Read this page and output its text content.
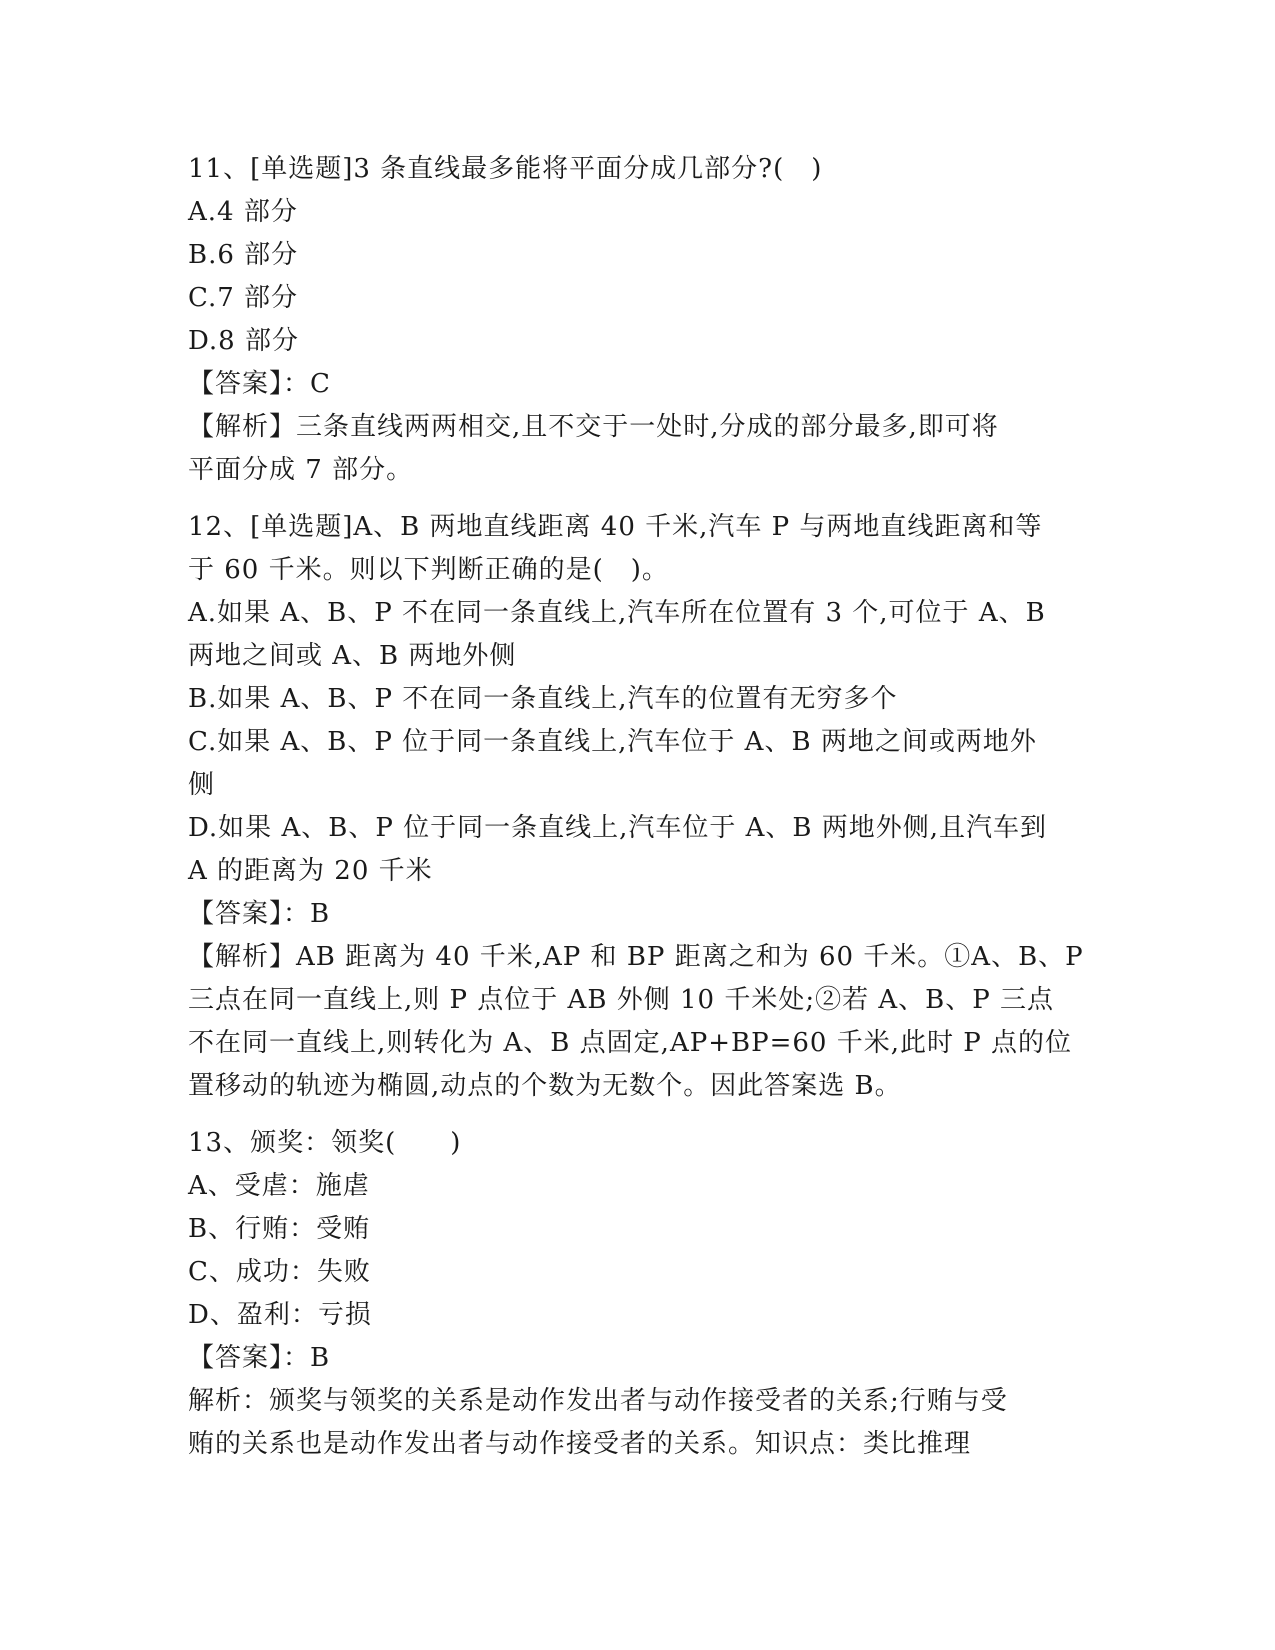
11、[单选题]3 条直线最多能将平面分成几部分?(　)
A.4 部分
B.6 部分
C.7 部分
D.8 部分
【答案】：C
【解析】三条直线两两相交,且不交于一处时,分成的部分最多,即可将
平面分成 7 部分。
12、[单选题]A、B 两地直线距离 40 千米,汽车 P 与两地直线距离和等
于 60 千米。则以下判断正确的是(　)。
A.如果 A、B、P 不在同一条直线上,汽车所在位置有 3 个,可位于 A、B
两地之间或 A、B 两地外侧
B.如果 A、B、P 不在同一条直线上,汽车的位置有无穷多个
C.如果 A、B、P 位于同一条直线上,汽车位于 A、B 两地之间或两地外
侧
D.如果 A、B、P 位于同一条直线上,汽车位于 A、B 两地外侧,且汽车到
A 的距离为 20 千米
【答案】：B
【解析】AB 距离为 40 千米,AP 和 BP 距离之和为 60 千米。①A、B、P
三点在同一直线上,则 P 点位于 AB 外侧 10 千米处;②若 A、B、P 三点
不在同一直线上,则转化为 A、B 点固定,AP+BP=60 千米,此时 P 点的位
置移动的轨迹为椭圆,动点的个数为无数个。因此答案选 B。
13、颁奖：领奖(　　)
A、受虐：施虐
B、行贿：受贿
C、成功：失败
D、盈利：亏损
【答案】：B
解析：颁奖与领奖的关系是动作发出者与动作接受者的关系;行贿与受
贿的关系也是动作发出者与动作接受者的关系。知识点：类比推理
